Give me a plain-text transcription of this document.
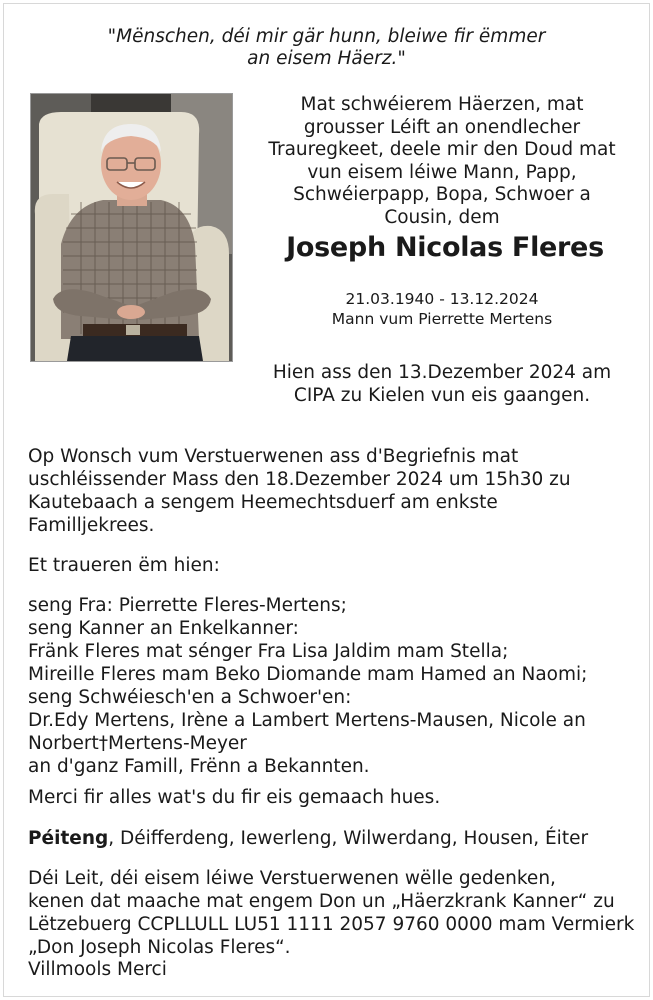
"Mënschen, déi mir gär hunn, bleiwe fir ëmmer
an eisem Häerz."
Mat schwéierem Häerzen, mat
grousser Léift an onendlecher
Trauregkeet, deele mir den Doud mat
vun eisem léiwe Mann, Papp,
Schwéierpapp, Bopa, Schwoer a
Cousin, dem
Joseph Nicolas Fleres
21.03.1940 - 13.12.2024
Mann vum Pierrette Mertens
Hien ass den 13.Dezember 2024 am
CIPA zu Kielen vun eis gaangen.
Op Wonsch vum Verstuerwenen ass d'Begriefnis mat
uschléissender Mass den 18.Dezember 2024 um 15h30 zu
Kautebaach a sengem Heemechtsduerf am enkste
Familljekrees.
Et traueren ëm hien:
seng Fra: Pierrette Fleres-Mertens;
seng Kanner an Enkelkanner:
Fränk Fleres mat sénger Fra Lisa Jaldim mam Stella;
Mireille Fleres mam Beko Diomande mam Hamed an Naomi;
seng Schwéiesch'en a Schwoer'en:
Dr.Edy Mertens, Irène a Lambert Mertens-Mausen, Nicole an
Norbert†Mertens-Meyer
an d'ganz Famill, Frënn a Bekannten.
Merci fir alles wat's du fir eis gemaach hues.
Péiteng, Déifferdeng, Iewerleng, Wilwerdang, Housen, Éiter
Déi Leit, déi eisem léiwe Verstuerwenen wëlle gedenken,
kenen dat maache mat engem Don un „Häerzkrank Kanner“ zu
Lëtzebuerg CCPLLULL LU51 1111 2057 9760 0000 mam Vermierk
„Don Joseph Nicolas Fleres“.
Villmools Merci
